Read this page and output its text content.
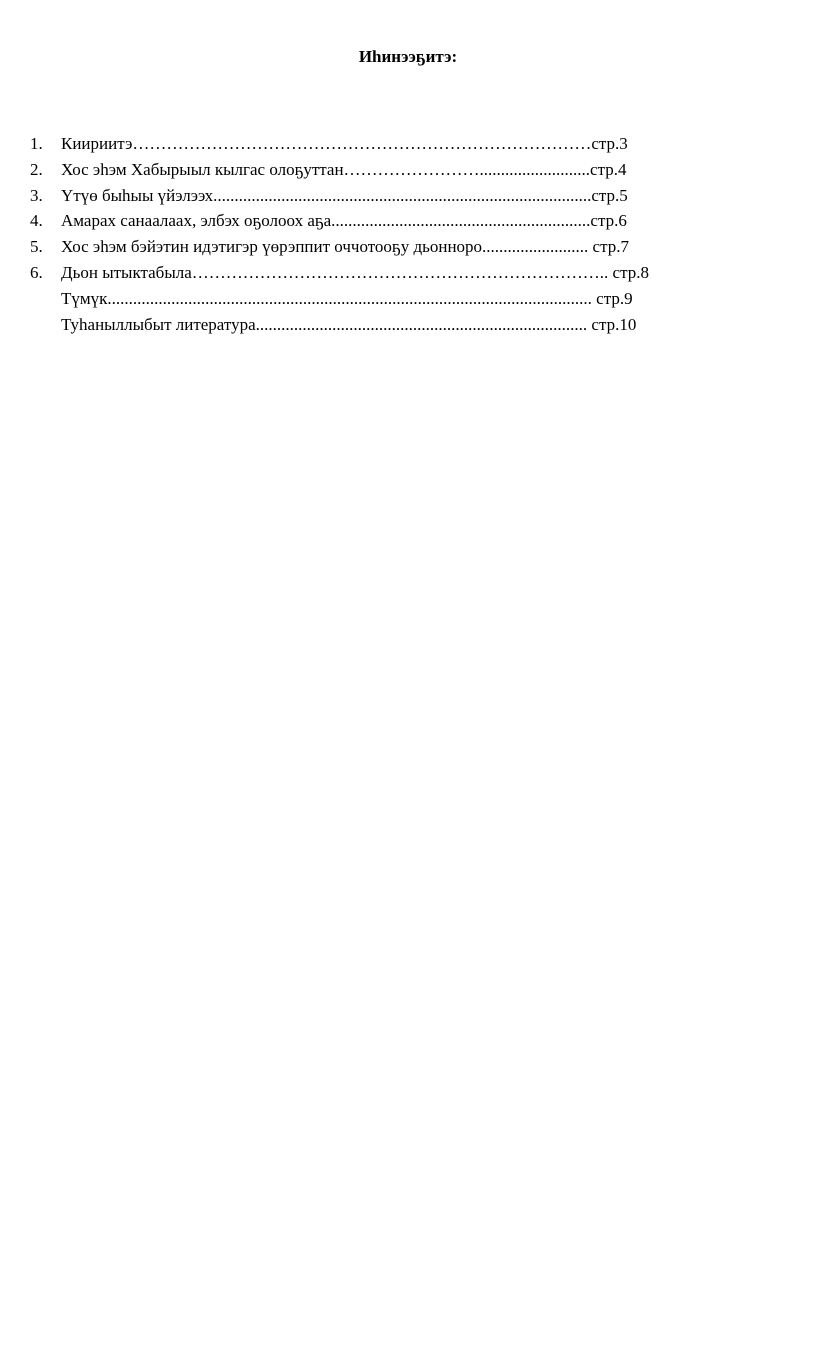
Иһинээҕитэ:
1.	Киириитэ………………………………………………………………………стр.3
2.	Хос эһэм Хабырыыл кылгас олоҕуттан……………………..........................стр.4
3.	Үтүө быһыы үйэлээх.........................................................................................стр.5
4.	Амарах санаалаах, элбэх оҕолоох аҕа.............................................................стр.6
5.	Хос эһэм бэйэтин идэтигэр үөрэппит оччотооҕу дьонноро......................... стр.7
6.	Дьон ытыктабыла……………………………………………………………….. стр.8
Түмүк.................................................................................................................. стр.9
Туһаныллыбыт литература.............................................................................. стр.10
